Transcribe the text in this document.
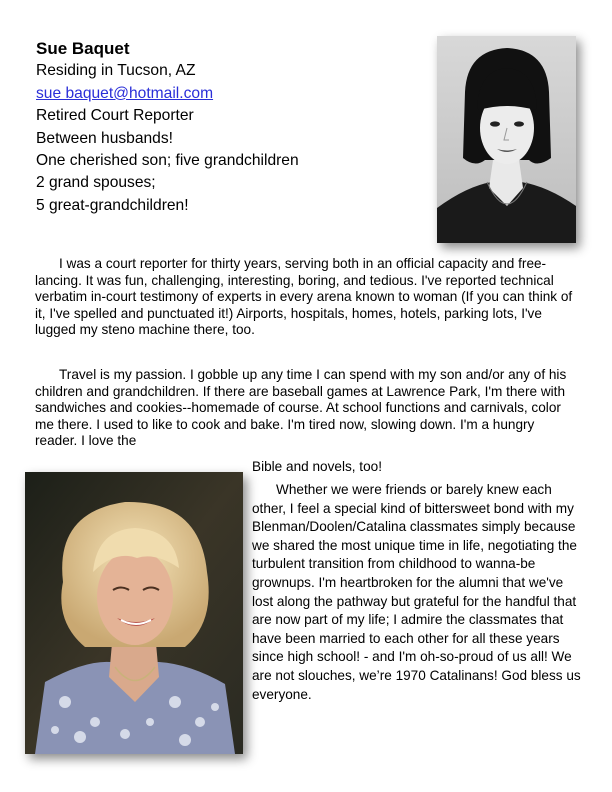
Sue Baquet
Residing in Tucson, AZ
sue baquet@hotmail.com
Retired Court Reporter
Between husbands!
One cherished son; five grandchildren
2 grand spouses;
5 great-grandchildren!

I was a court reporter for thirty years, serving both in an official capacity and free-lancing. It was fun, challenging, interesting, boring, and tedious. I've reported technical verbatim in-court testimony of experts in every arena known to woman (If you can think of it, I've spelled and punctuated it!) Airports, hospitals, homes, hotels, parking lots, I've lugged my steno machine there, too.

Travel is my passion. I gobble up any time I can spend with my son and/or any of his children and grandchildren. If there are baseball games at Lawrence Park, I'm there with sandwiches and cookies--homemade of course. At school functions and carnivals, color me there. I used to like to cook and bake. I'm tired now, slowing down. I'm a hungry reader. I love the

Bible and novels, too!

Whether we were friends or barely knew each other, I feel a special kind of bittersweet bond with my Blenman/Doolen/Catalina classmates simply because we shared the most unique time in life, negotiating the turbulent transition from childhood to wanna-be grownups. I'm heartbroken for the alumni that we've lost along the pathway but grateful for the handful that are now part of my life; I admire the classmates that have been married to each other for all these years since high school! - and I'm oh-so-proud of us all! We are not slouches, we’re 1970 Catalinans! God bless us everyone.
